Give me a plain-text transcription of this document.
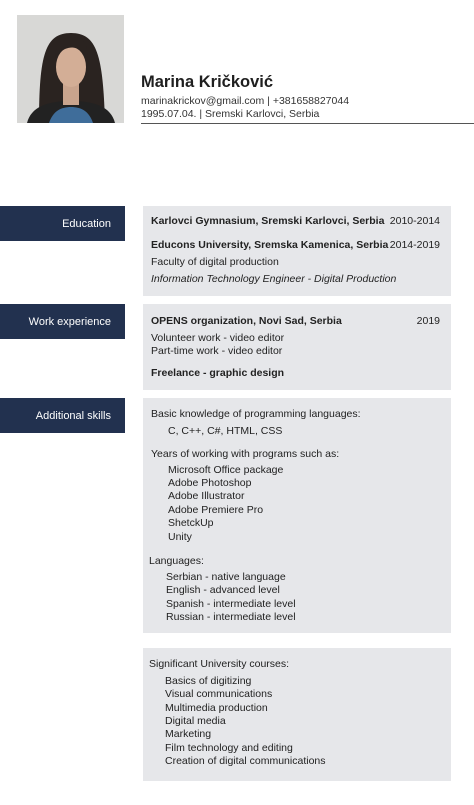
Marina Kričković
marinakrickov@gmail.com | +381658827044
1995.07.04. | Sremski Karlovci, Serbia
Education	Karlovci Gymnasium, Sremski Karlovci, Serbia 2010-2014
Educons University, Sremska Kamenica, Serbia 2014-2019
Faculty of digital production
Information Technology Engineer - Digital Production
Work experience	OPENS organization, Novi Sad, Serbia	2019
Volunteer work - video editor
Part-time work - video editor
Freelance - graphic design
Additional skills	Basic knowledge of programming languages:
C, C++, C#, HTML, CSS
Years of working with programs such as:
Microsoft Office package
Adobe Photoshop
Adobe Illustrator
Adobe Premiere Pro
ShetckUp
Unity
Languages:
Serbian - native language
English - advanced level
Spanish - intermediate level
Russian - intermediate level
Significant University courses:
Basics of digitizing
Visual communications
Multimedia production
Digital media
Marketing
Film technology and editing
Creation of digital communications
